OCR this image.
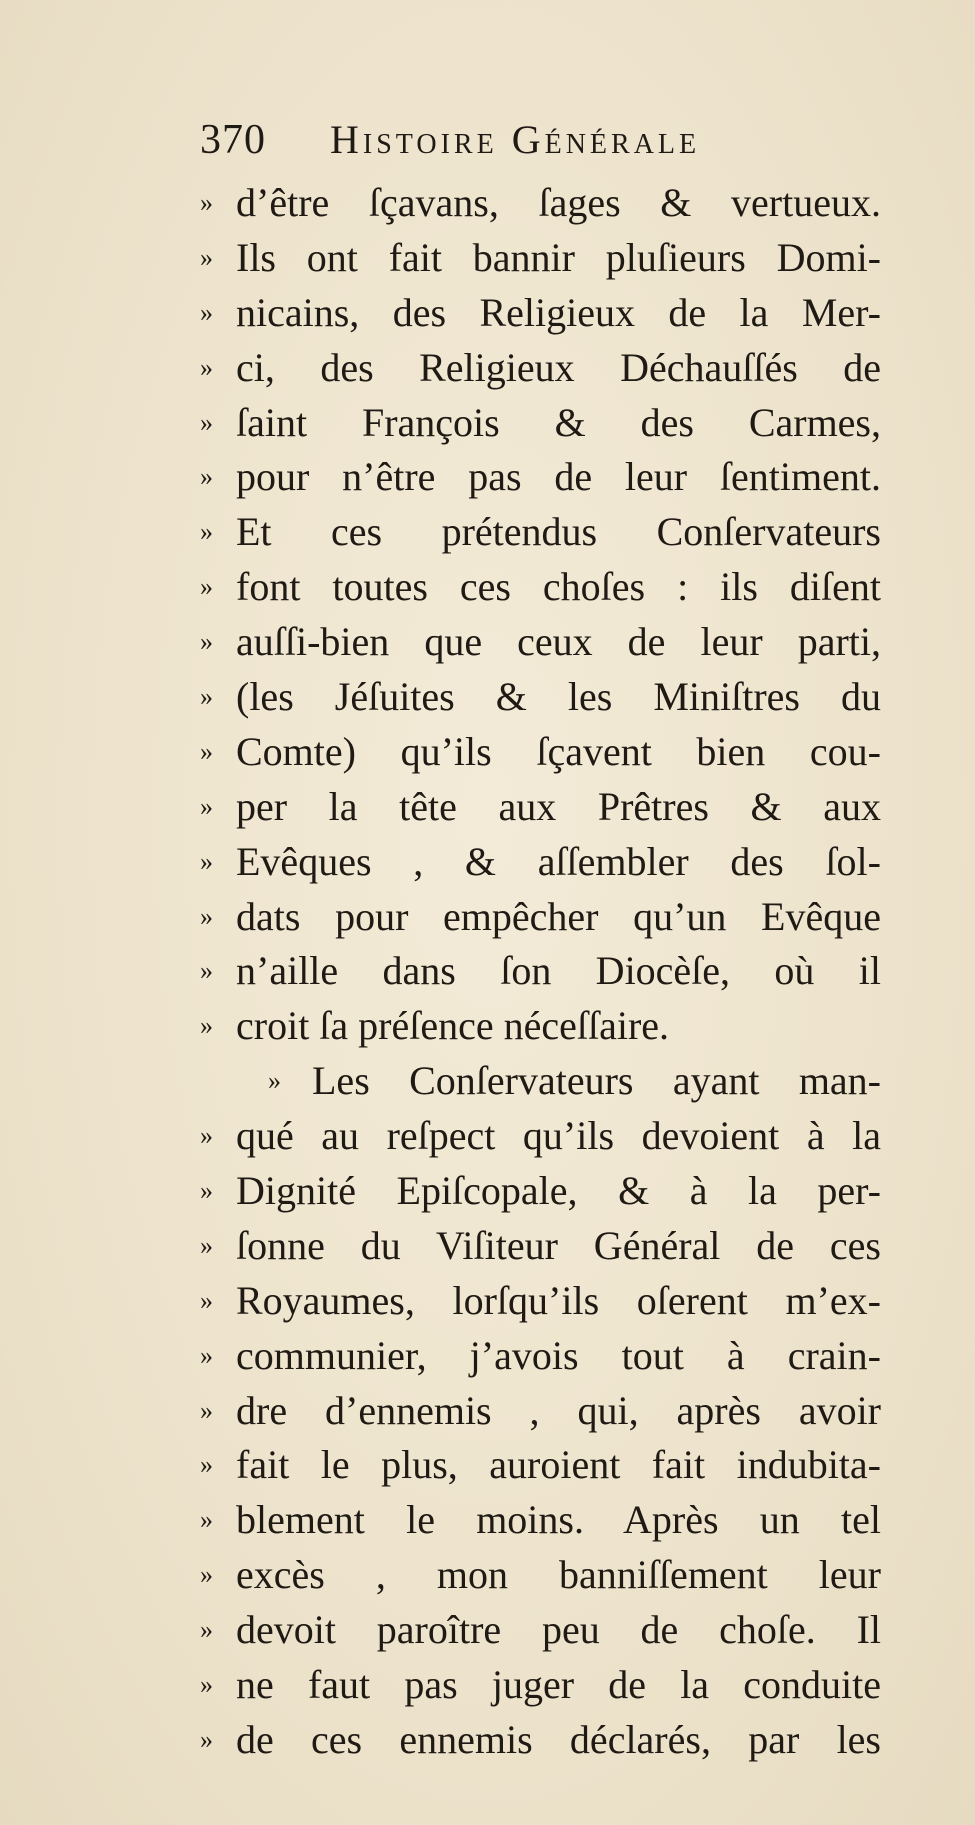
370 Histoire Générale
» d’être ſçavans, ſages & vertueux.
» Ils ont fait bannir pluſieurs Domi-
» nicains, des Religieux de la Mer-
» ci, des Religieux Déchauſſés de
» ſaint François & des Carmes,
» pour n’être pas de leur ſentiment.
» Et ces prétendus Conſervateurs
» font toutes ces choſes : ils diſent
» auſſi-bien que ceux de leur parti,
» (les Jéſuites & les Miniſtres du
» Comte) qu’ils ſçavent bien cou-
» per la tête aux Prêtres & aux
» Evêques , & aſſembler des ſol-
» dats pour empêcher qu’un Evêque
» n’aille dans ſon Diocèſe, où il
» croit ſa préſence néceſſaire.
» Les Conſervateurs ayant man-
» qué au reſpect qu’ils devoient à la
» Dignité Epiſcopale, & à la per-
» ſonne du Viſiteur Général de ces
» Royaumes, lorſqu’ils oſerent m’ex-
» communier, j’avois tout à crain-
» dre d’ennemis , qui, après avoir
» fait le plus, auroient fait indubita-
» blement le moins. Après un tel
» excès , mon banniſſement leur
» devoit paroître peu de choſe. Il
» ne faut pas juger de la conduite
» de ces ennemis déclarés, par les
